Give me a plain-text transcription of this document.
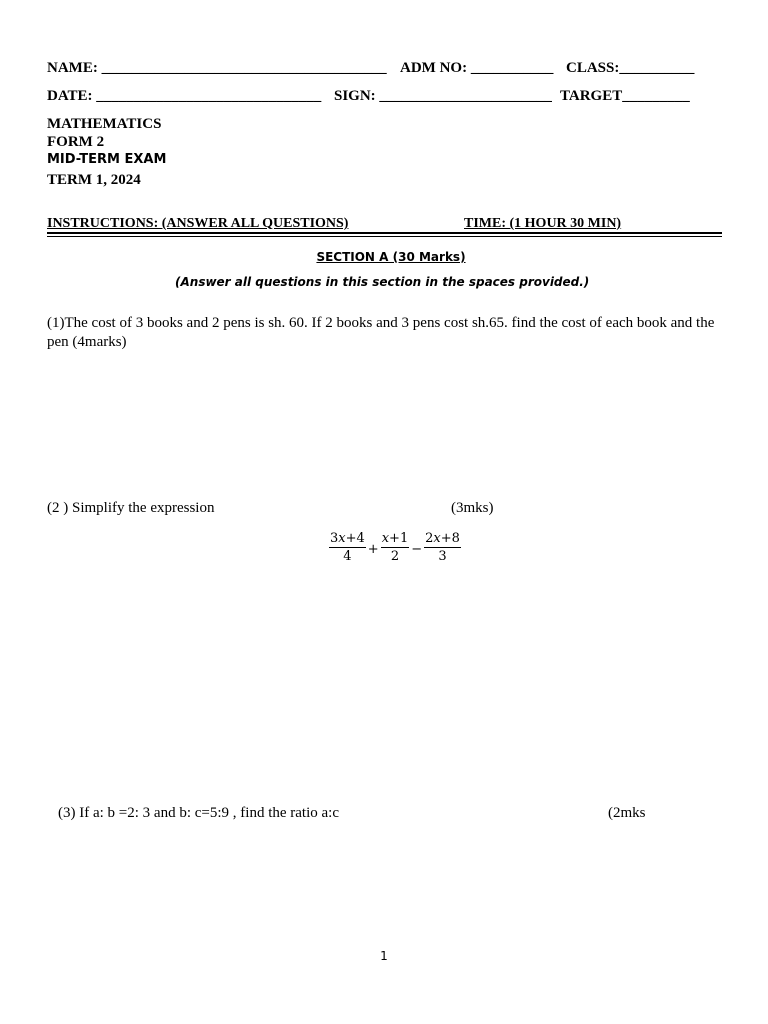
NAME: ______________________________________ ADM NO: ___________ CLASS:__________
DATE: ______________________________ SIGN: _______________________ TARGET_________
MATHEMATICS
FORM 2
MID-TERM EXAM
TERM 1, 2024
INSTRUCTIONS: (ANSWER ALL QUESTIONS)	TIME: (1 HOUR 30 MIN)
SECTION A (30 Marks)
(Answer all questions in this section in the spaces provided.)
(1)The cost of 3 books and 2 pens is sh. 60. If 2 books and 3 pens cost sh.65. find the cost of each book and the pen (4marks)
(2 ) Simplify the expression	(3mks)
$\frac{3x+4}{4} + \frac{x+1}{2} - \frac{2x+8}{3}$
(3) If a: b =2: 3 and b: c=5:9 , find the ratio a:c	(2mks
1
